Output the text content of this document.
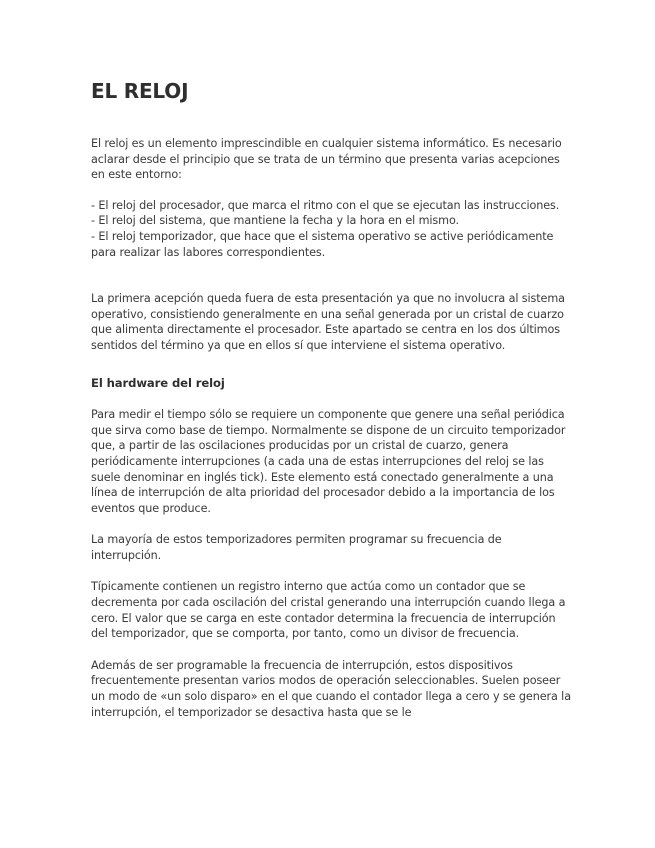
EL RELOJ

El reloj es un elemento imprescindible en cualquier sistema informático. Es necesario aclarar desde el principio que se trata de un término que presenta varias acepciones en este entorno:

- El reloj del procesador, que marca el ritmo con el que se ejecutan las instrucciones.

- El reloj del sistema, que mantiene la fecha y la hora en el mismo.

- El reloj temporizador, que hace que el sistema operativo se active periódicamente para realizar las labores correspondientes.

La primera acepción queda fuera de esta presentación ya que no involucra al sistema operativo, consistiendo generalmente en una señal generada por un cristal de cuarzo que alimenta directamente el procesador. Este apartado se centra en los dos últimos sentidos del término ya que en ellos sí que interviene el sistema operativo.

El hardware del reloj

Para medir el tiempo sólo se requiere un componente que genere una señal periódica que sirva como base de tiempo. Normalmente se dispone de un circuito temporizador que, a partir de las oscilaciones producidas por un cristal de cuarzo, genera periódicamente interrupciones (a cada una de estas interrupciones del reloj se las suele denominar en inglés tick). Este elemento está conectado generalmente a una línea de interrupción de alta prioridad del procesador debido a la importancia de los eventos que produce.

La mayoría de estos temporizadores permiten programar su frecuencia de interrupción.

Típicamente contienen un registro interno que actúa como un contador que se decrementa por cada oscilación del cristal generando una interrupción cuando llega a cero. El valor que se carga en este contador determina la frecuencia de interrupción del temporizador, que se comporta, por tanto, como un divisor de frecuencia.

Además de ser programable la frecuencia de interrupción, estos dispositivos frecuentemente presentan varios modos de operación seleccionables. Suelen poseer un modo de «un solo disparo» en el que cuando el contador llega a cero y se genera la interrupción, el temporizador se desactiva hasta que se le
